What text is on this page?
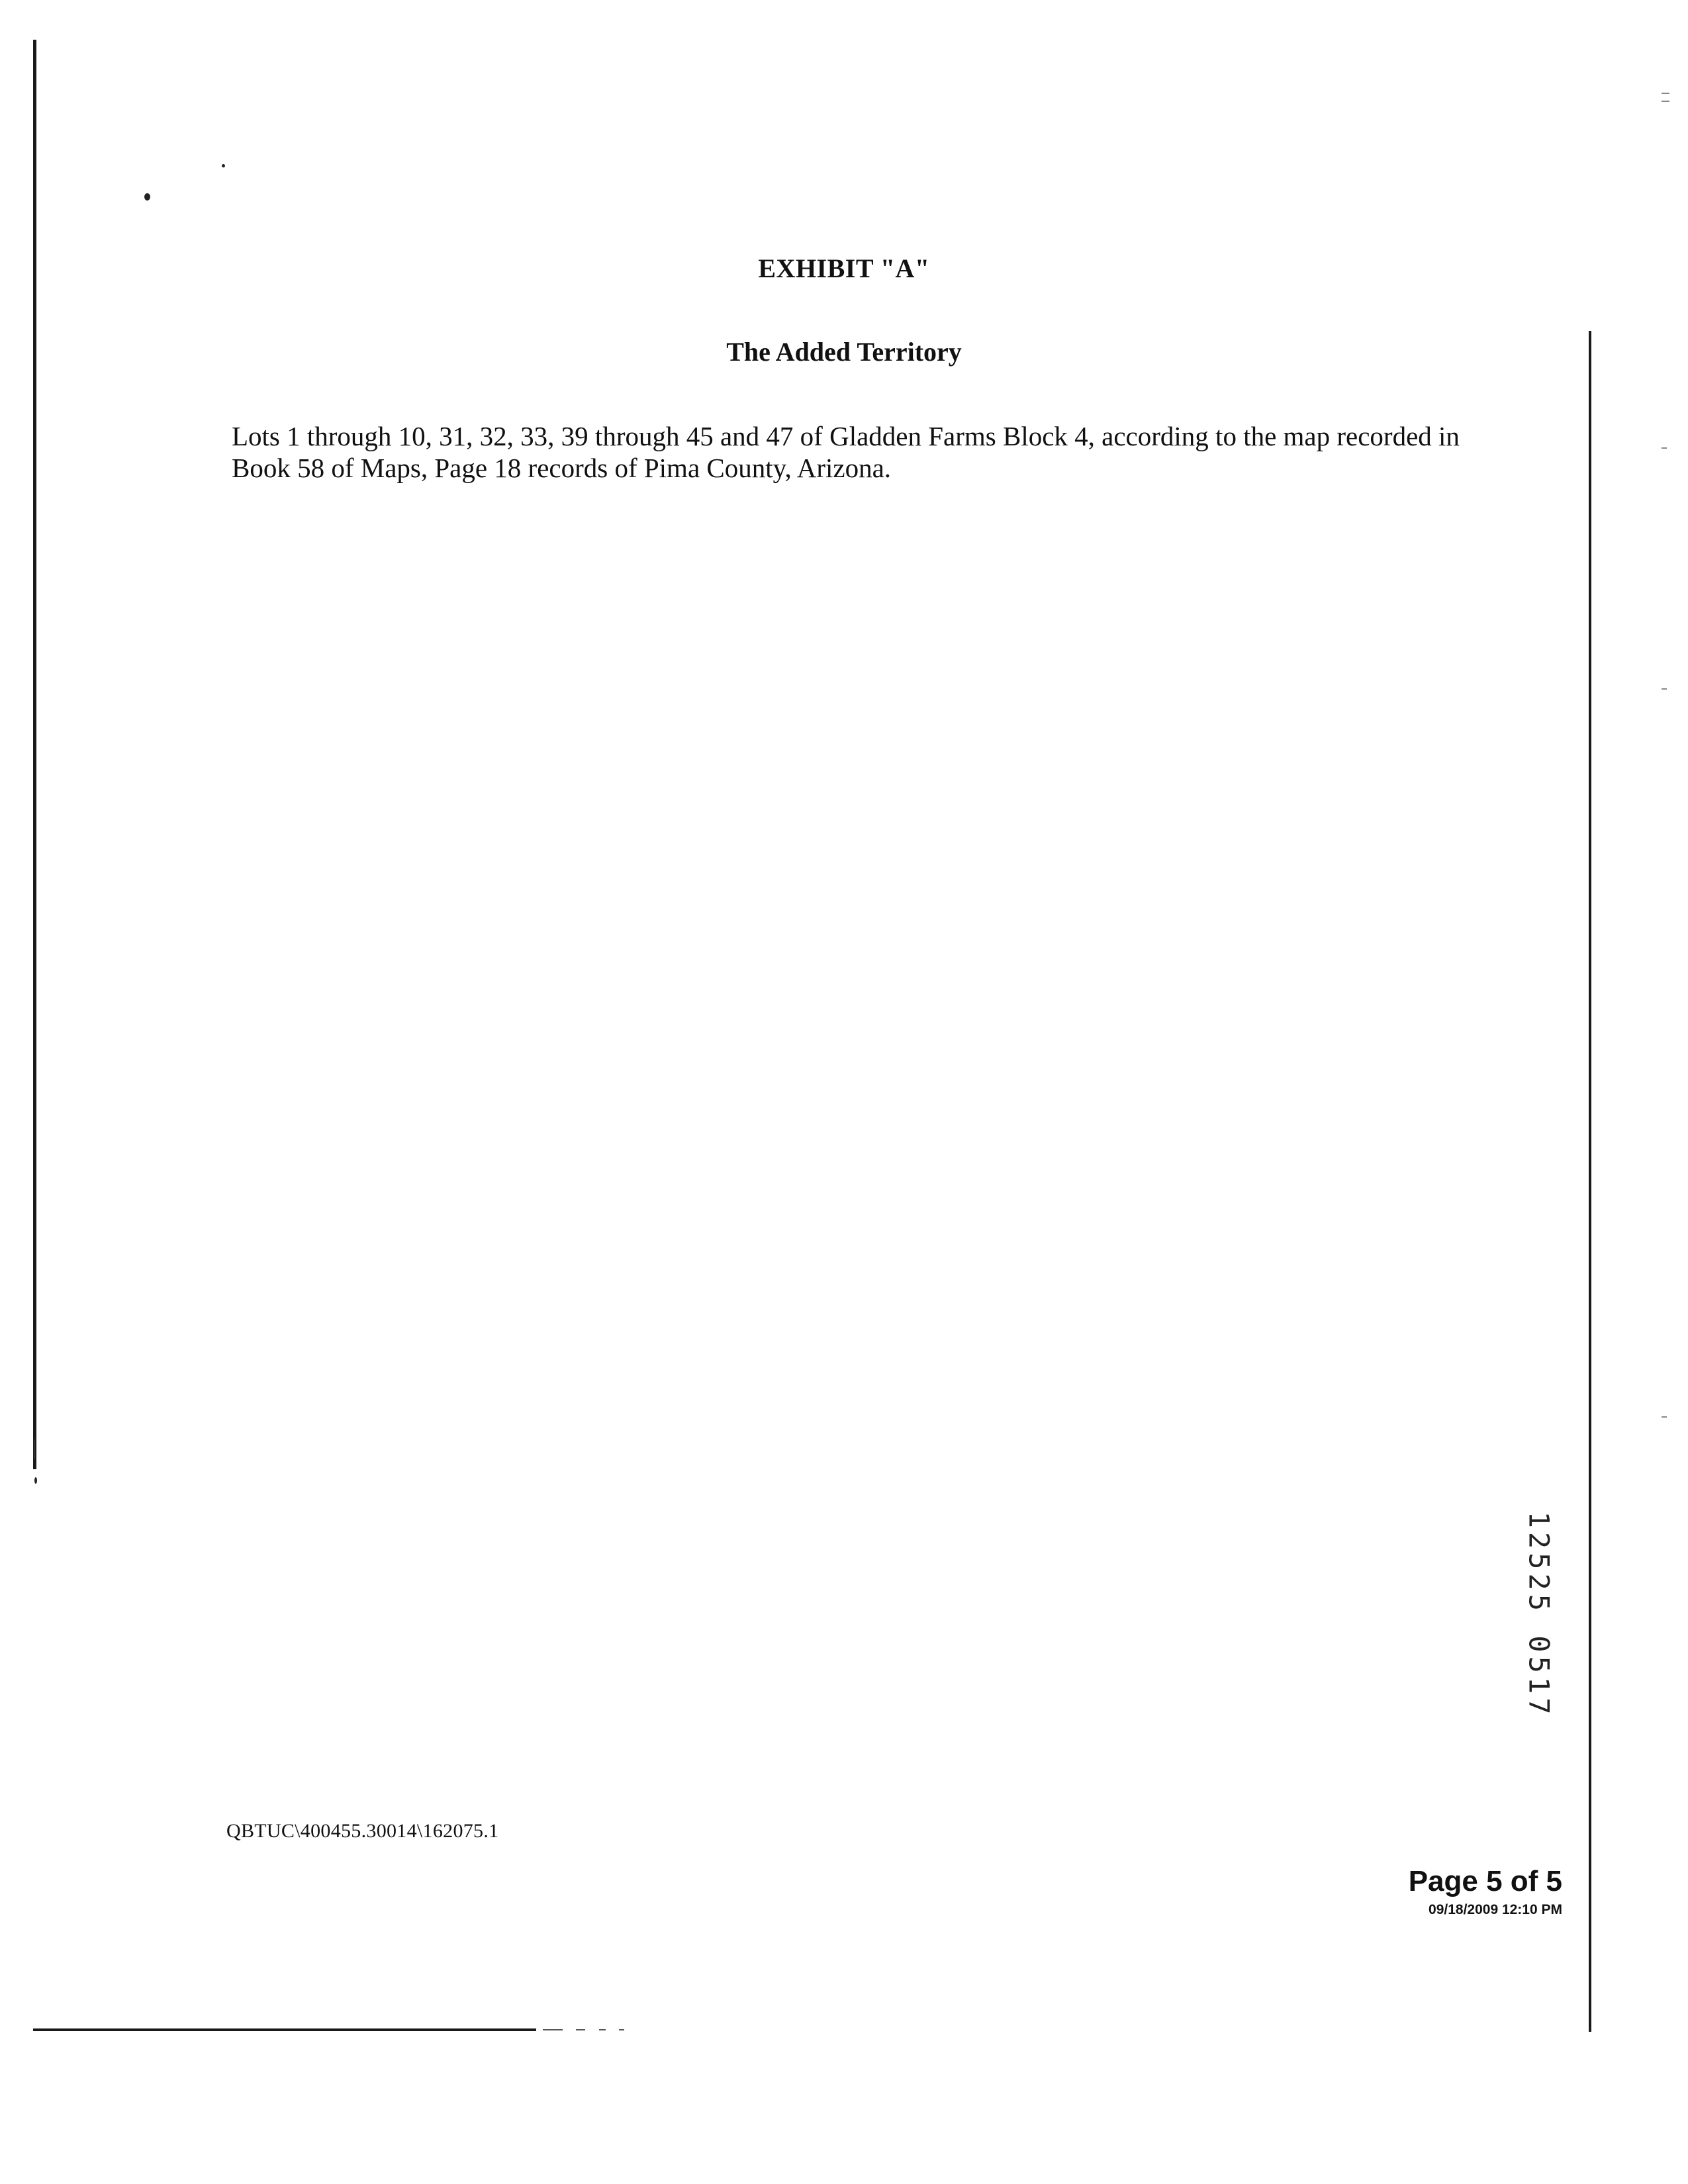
EXHIBIT "A"
The Added Territory
Lots 1 through 10, 31, 32, 33, 39 through 45 and 47 of Gladden Farms Block 4, according to the map recorded in Book 58 of Maps, Page 18 records of Pima County, Arizona.
12525 0517
QBTUC\400455.30014\162075.1
Page 5 of 5
09/18/2009 12:10 PM
